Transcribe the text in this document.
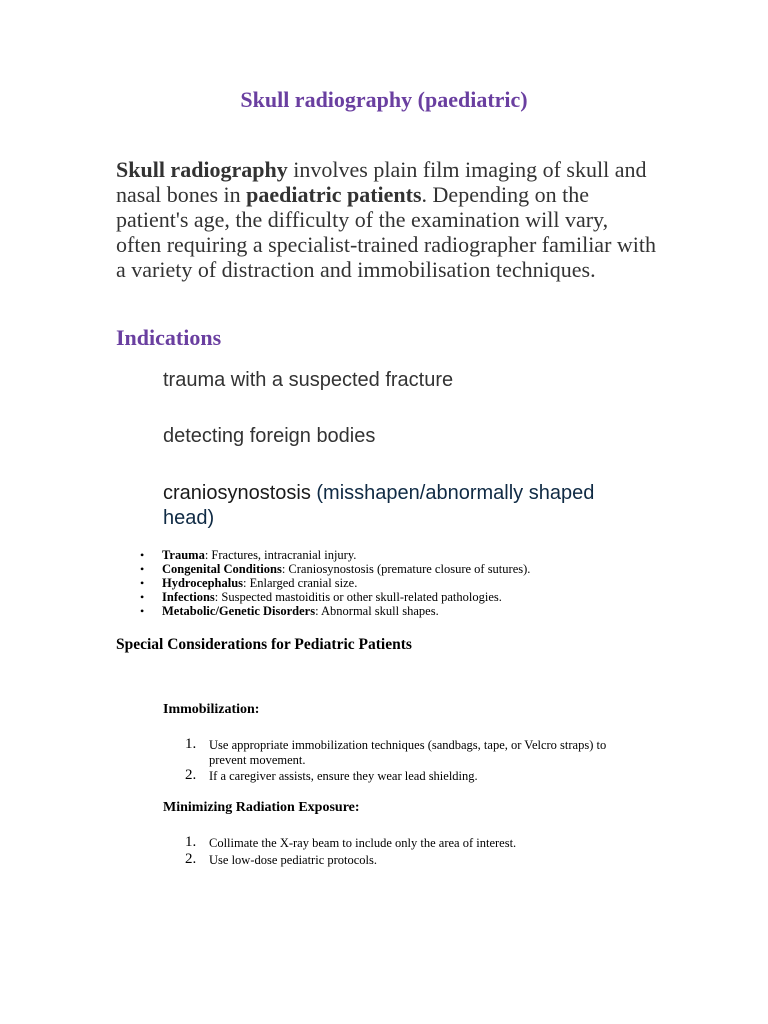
Skull radiography (paediatric)

Skull radiography involves plain film imaging of skull and nasal bones in paediatric patients. Depending on the patient's age, the difficulty of the examination will vary, often requiring a specialist-trained radiographer familiar with a variety of distraction and immobilisation techniques.

Indications

trauma with a suspected fracture

detecting foreign bodies

craniosynostosis (misshapen/abnormally shaped head)

• Trauma: Fractures, intracranial injury.
• Congenital Conditions: Craniosynostosis (premature closure of sutures).
• Hydrocephalus: Enlarged cranial size.
• Infections: Suspected mastoiditis or other skull-related pathologies.
• Metabolic/Genetic Disorders: Abnormal skull shapes.
Special Considerations for Pediatric Patients
Immobilization:
1. Use appropriate immobilization techniques (sandbags, tape, or Velcro straps) to prevent movement.
2. If a caregiver assists, ensure they wear lead shielding.
Minimizing Radiation Exposure:
1. Collimate the X-ray beam to include only the area of interest.
2. Use low-dose pediatric protocols.
